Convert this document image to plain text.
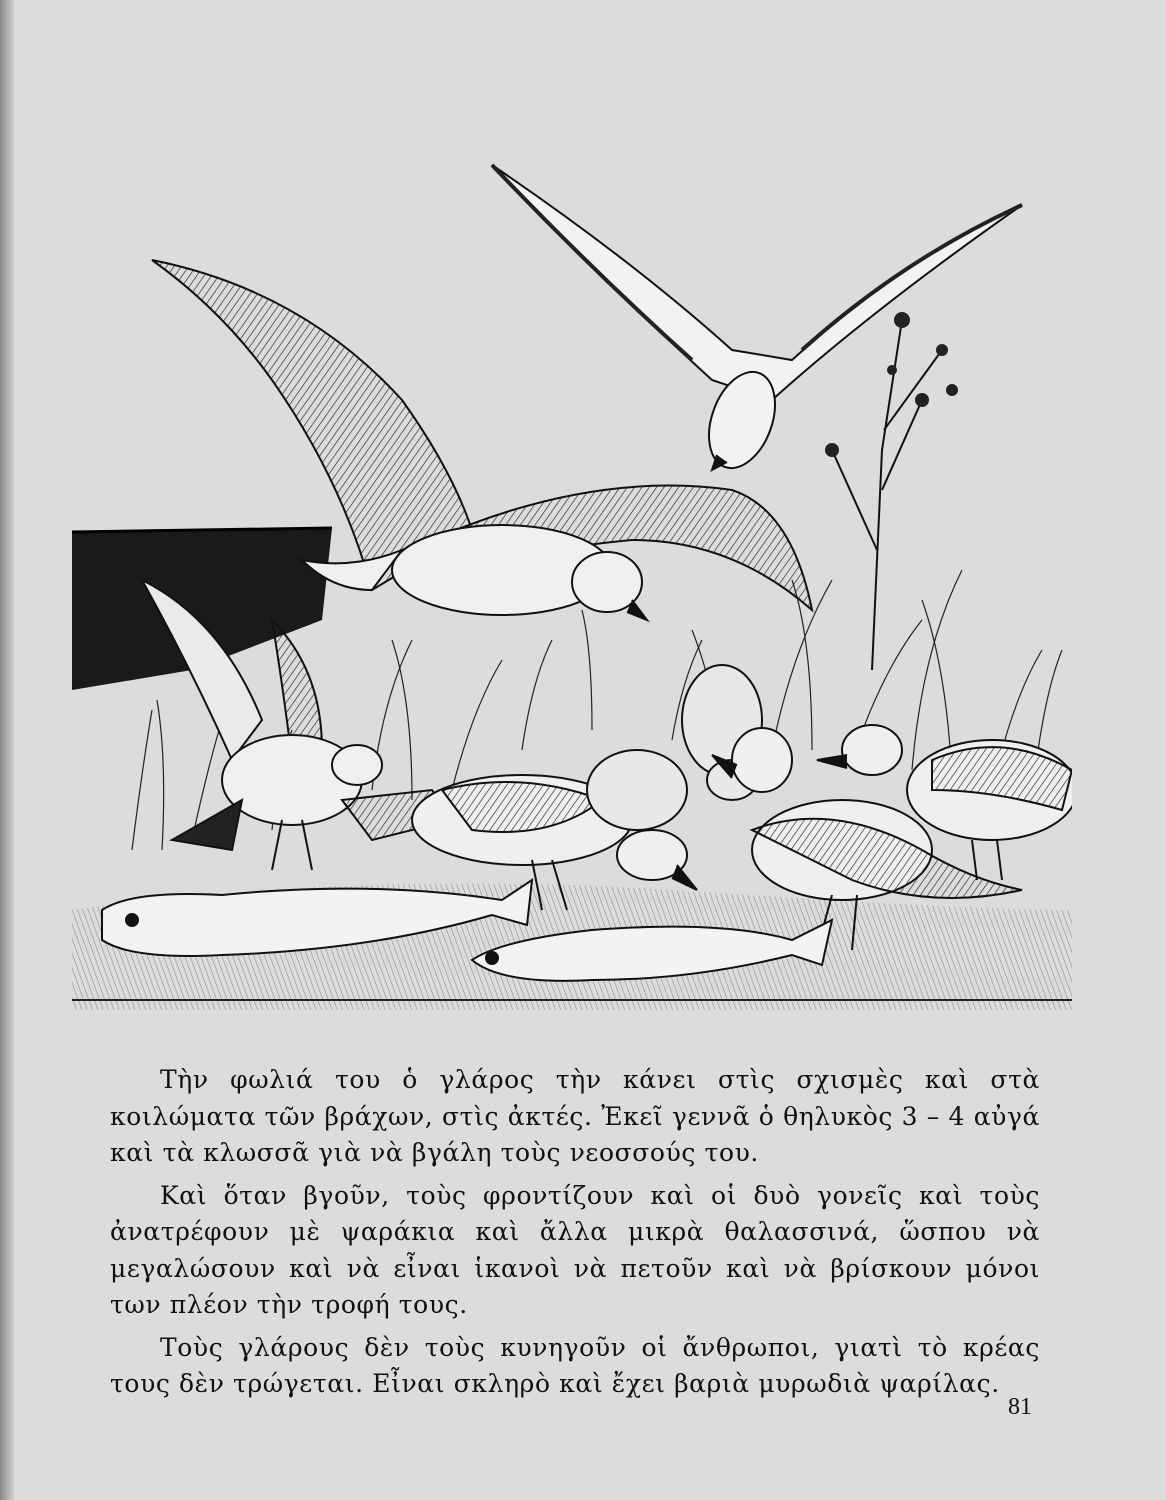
Τὴν φωλιά του ὁ γλάρος τὴν κάνει στὶς σχισμὲς καὶ στὰ κοιλώματα τῶν βράχων, στὶς ἀκτές. Ἐκεῖ γεννᾶ ὁ θηλυκὸς 3 – 4 αὐγά καὶ τὰ κλωσσᾶ γιὰ νὰ βγάλη τοὺς νεοσσούς του.

Καὶ ὅταν βγοῦν, τοὺς φροντίζουν καὶ οἱ δυὸ γονεῖς καὶ τοὺς ἀνατρέφουν μὲ ψαράκια καὶ ἄλλα μικρὰ θαλασσινά, ὥσπου νὰ μεγαλώσουν καὶ νὰ εἶναι ἱκανοὶ νὰ πετοῦν καὶ νὰ βρίσκουν μόνοι των πλέον τὴν τροφή τους.

Τοὺς γλάρους δὲν τοὺς κυνηγοῦν οἱ ἄνθρωποι, γιατὶ τὸ κρέας τους δὲν τρώγεται. Εἶναι σκληρὸ καὶ ἔχει βαριὰ μυρωδιὰ ψαρίλας.

81
